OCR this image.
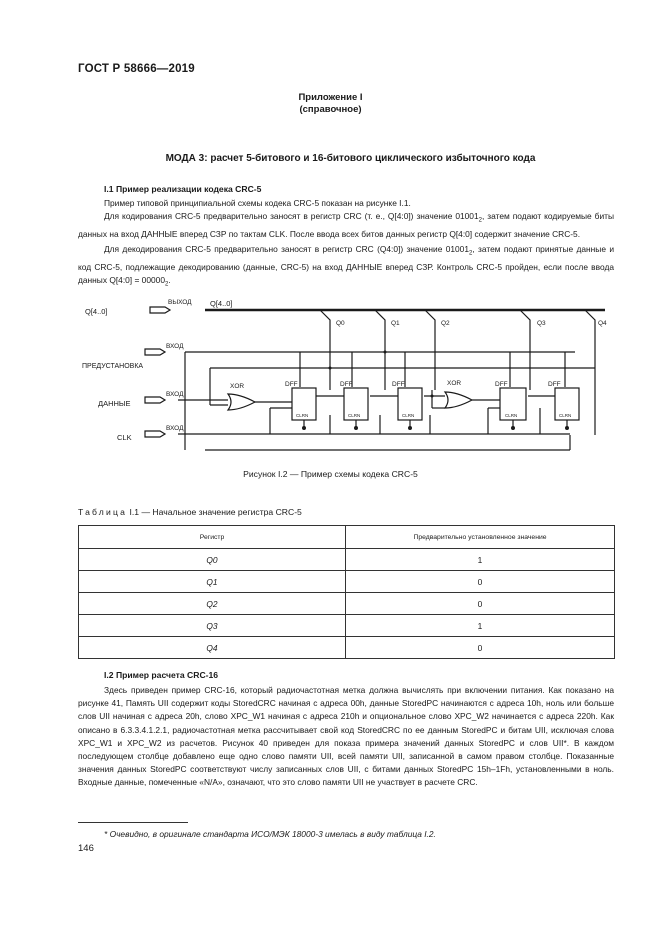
ГОСТ Р 58666—2019
Приложение I
(справочное)
МОДА 3: расчет 5-битового и 16-битового циклического избыточного кода
I.1 Пример реализации кодека CRC-5

Пример типовой принципиальной схемы кодека CRC-5 показан на рисунке I.1.

Для кодирования CRC-5 предварительно заносят в регистр CRC (т. е., Q[4:0]) значение $01001_2$, затем подают кодируемые биты данных на вход ДАННЫЕ вперед СЗР по тактам CLK. После ввода всех битов данных регистр Q[4:0] содержит значение CRC-5.

Для декодирования CRC-5 предварительно заносят в регистр CRC (Q4:0]) значение $01001_2$, затем подают принятые данные и код CRC-5, подлежащие декодированию (данные, CRC-5) на вход ДАННЫЕ вперед СЗР. Контроль CRC-5 пройден, если после ввода данных Q[4:0] = $00000_2$.

Q[4..0]
ВЫХОД Q[4..0]
ВХОД
ПРЕДУСТАНОВКА
ВХОД
ДАННЫЕ
ВХОД
CLK
XOR	XOR
DFF	DFF	DFF	DFF	DFF
CLRN	CLRN	CLRN	CLRN	CLRN
Q0	Q1	Q2	Q3	Q4
Рисунок I.2 — Пример схемы кодека CRC-5
Таблица I.1 — Начальное значение регистра CRC-5
Регистр	Предварительно установленное значение
Q0	1
Q1	0
Q2	0
Q3	1
Q4	0
I.2 Пример расчета CRC-16

Здесь приведен пример CRC-16, который радиочастотная метка должна вычислять при включении питания. Как показано на рисунке 41, Память UII содержит коды StoredCRC начиная с адреса 00h, данные StoredPC начинаются с адреса 10h, ноль или больше слов UII начиная с адреса 20h, слово XPC_W1 начиная с адреса 210h и опциональное слово XPC_W2 начинается с адреса 220h. Как описано в 6.3.3.4.1.2.1, радиочастотная метка рассчитывает свой код StoredCRC по ее данным StoredPC и битам UII, исключая слова XPC_W1 и XPC_W2 из расчетов. Рисунок 40 приведен для показа примера значений данных StoredPC и слов UII*. В каждом последующем столбце добавлено еще одно слово памяти UII, всей памяти UII, записанной в самом правом столбце. Показанные значения данных StoredPC соответствуют числу записанных слов UII, с битами данных StoredPC 15h–1Fh, установленными в ноль. Входные данные, помеченные «N/A», означают, что это слово памяти UII не участвует в расчете CRC.

* Очевидно, в оригинале стандарта ИСО/МЭК 18000-3 имелась в виду таблица I.2.
146
